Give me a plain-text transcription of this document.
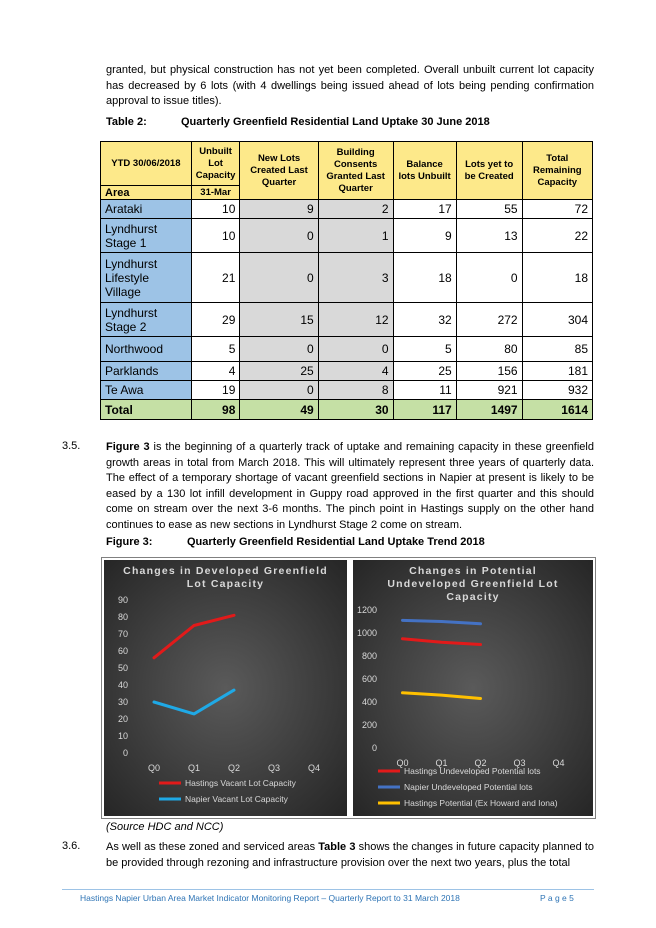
granted, but physical construction has not yet been completed. Overall unbuilt current lot capacity has decreased by 6 lots (with 4 dwellings being issued ahead of lots being pending confirmation approval to issue titles).
Table 2:	Quarterly Greenfield Residential Land Uptake 30 June 2018
YTD 30/06/2018	Unbuilt Lot Capacity	New Lots Created Last Quarter	Building Consents Granted Last Quarter	Balance lots Unbuilt	Lots yet to be Created	Total Remaining Capacity
Area	31-Mar					
Arataki	10	9	2	17	55	72
Lyndhurst Stage 1	10	0	1	9	13	22
Lyndhurst Lifestyle Village	21	0	3	18	0	18
Lyndhurst Stage 2	29	15	12	32	272	304
Northwood	5	0	0	5	80	85
Parklands	4	25	4	25	156	181
Te Awa	19	0	8	11	921	932
Total	98	49	30	117	1497	1614
3.5. Figure 3 is the beginning of a quarterly track of uptake and remaining capacity in these greenfield growth areas in total from March 2018. This will ultimately represent three years of quarterly data. The effect of a temporary shortage of vacant greenfield sections in Napier at present is likely to be eased by a 130 lot infill development in Guppy road approved in the first quarter and this should come on stream over the next 3-6 months. The pinch point in Hastings supply on the other hand continues to ease as new sections in Lyndhurst Stage 2 come on stream.
Figure 3:	Quarterly Greenfield Residential Land Uptake Trend 2018
Changes in Developed Greenfield
Lot Capacity
0
10
20
30
40
50
60
70
80
90
Q0	Q1	Q2	Q3	Q4
Hastings Vacant Lot Capacity
Napier Vacant Lot Capacity
Changes in Potential
Undeveloped Greenfield Lot
Capacity
0
200
400
600
800
1000
1200
Q0	Q1	Q2	Q3	Q4
Hastings Undeveloped Potential lots
Napier Undeveloped Potential lots
Hastings Potential (Ex Howard and Iona)
(Source HDC and NCC)
3.6. As well as these zoned and serviced areas Table 3 shows the changes in future capacity planned to be provided through rezoning and infrastructure provision over the next two years, plus the total
Hastings Napier Urban Area Market Indicator Monitoring Report – Quarterly Report to 31 March 2018	P a g e 5
